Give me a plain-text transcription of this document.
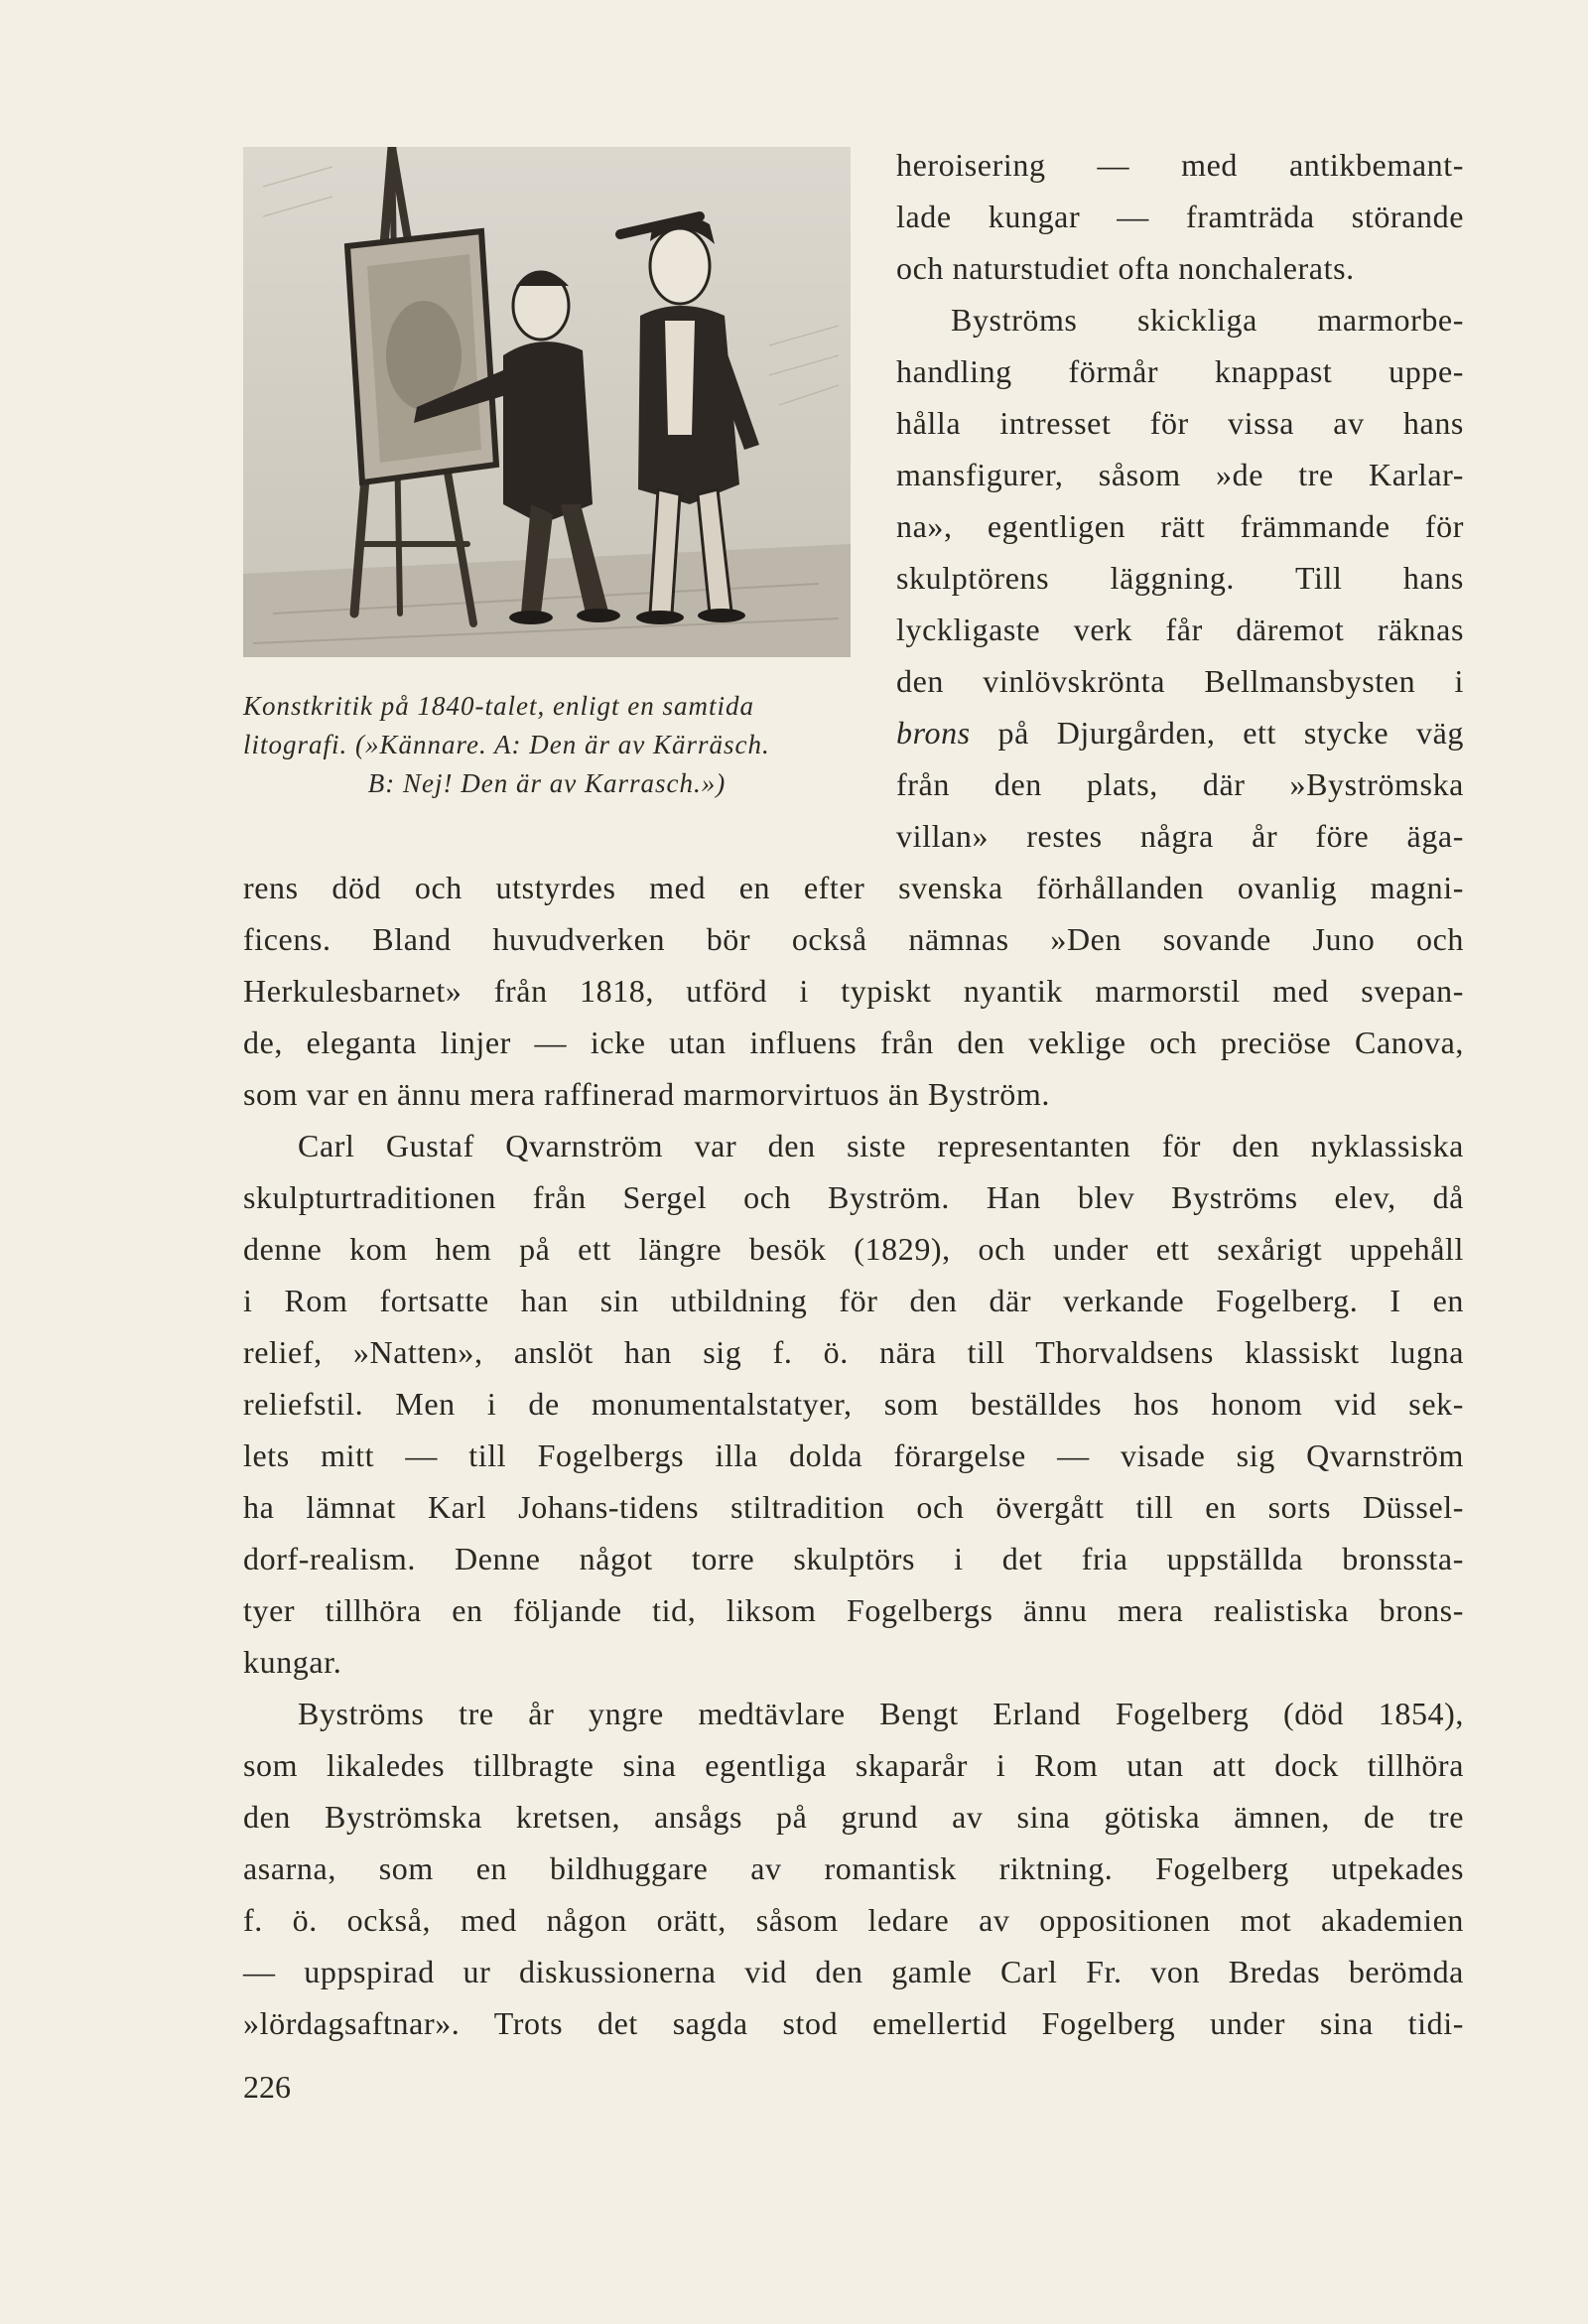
Konstkritik på 1840-talet, enligt en samtida
litografi. (»Kännare. A: Den är av Kärräsch.
B: Nej! Den är av Karrasch.»)
heroisering — med antikbemant-
lade kungar — framträda störande
och naturstudiet ofta nonchalerats.
Byströms skickliga marmorbe-
handling förmår knappast uppe-
hålla intresset för vissa av hans
mansfigurer, såsom »de tre Karlar-
na», egentligen rätt främmande för
skulptörens läggning. Till hans
lyckligaste verk får däremot räknas
den vinlövskrönta Bellmansbysten i
brons på Djurgården, ett stycke väg
från den plats, där »Byströmska
villan» restes några år före äga-
rens död och utstyrdes med en efter svenska förhållanden ovanlig magni-
ficens. Bland huvudverken bör också nämnas »Den sovande Juno och
Herkulesbarnet» från 1818, utförd i typiskt nyantik marmorstil med svepan-
de, eleganta linjer — icke utan influens från den veklige och preciöse Canova,
som var en ännu mera raffinerad marmorvirtuos än Byström.
Carl Gustaf Qvarnström var den siste representanten för den nyklassiska
skulpturtraditionen från Sergel och Byström. Han blev Byströms elev, då
denne kom hem på ett längre besök (1829), och under ett sexårigt uppehåll
i Rom fortsatte han sin utbildning för den där verkande Fogelberg. I en
relief, »Natten», anslöt han sig f. ö. nära till Thorvaldsens klassiskt lugna
reliefstil. Men i de monumentalstatyer, som beställdes hos honom vid sek-
lets mitt — till Fogelbergs illa dolda förargelse — visade sig Qvarnström
ha lämnat Karl Johans-tidens stiltradition och övergått till en sorts Düssel-
dorf-realism. Denne något torre skulptörs i det fria uppställda bronssta-
tyer tillhöra en följande tid, liksom Fogelbergs ännu mera realistiska brons-
kungar.
Byströms tre år yngre medtävlare Bengt Erland Fogelberg (död 1854),
som likaledes tillbragte sina egentliga skaparår i Rom utan att dock tillhöra
den Byströmska kretsen, ansågs på grund av sina götiska ämnen, de tre
asarna, som en bildhuggare av romantisk riktning. Fogelberg utpekades
f. ö. också, med någon orätt, såsom ledare av oppositionen mot akademien
— uppspirad ur diskussionerna vid den gamle Carl Fr. von Bredas berömda
»lördagsaftnar». Trots det sagda stod emellertid Fogelberg under sina tidi-
226
